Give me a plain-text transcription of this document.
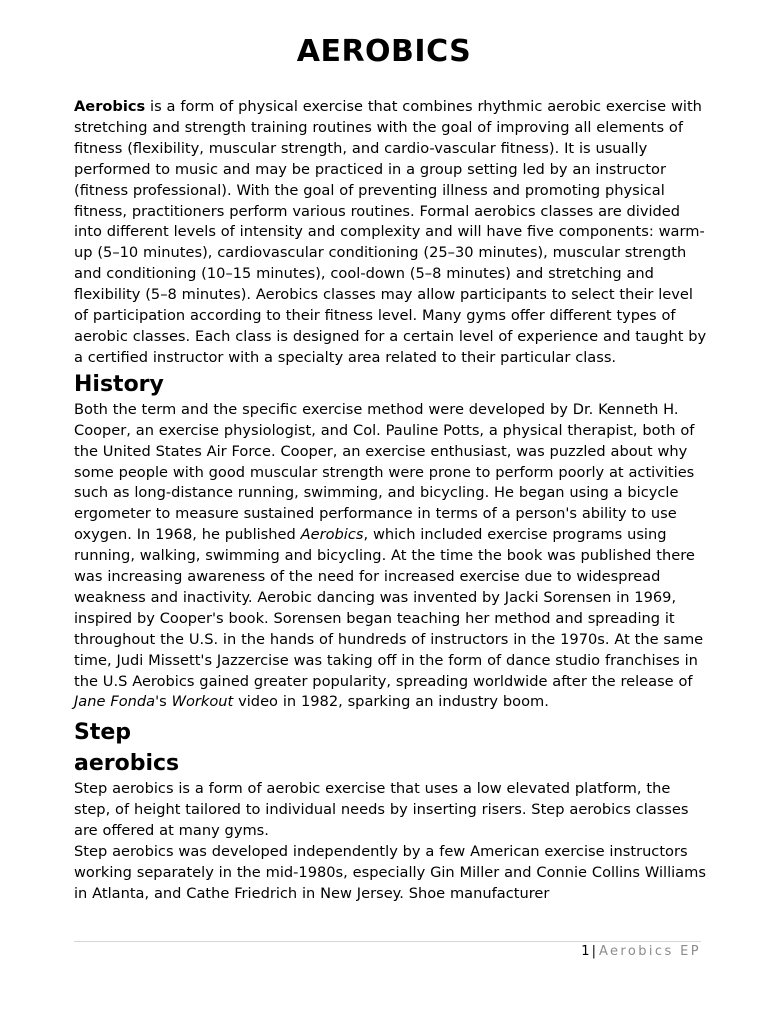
AEROBICS

Aerobics is a form of physical exercise that combines rhythmic aerobic exercise with stretching and strength training routines with the goal of improving all elements of fitness (flexibility, muscular strength, and cardio-vascular fitness). It is usually performed to music and may be practiced in a group setting led by an instructor (fitness professional). With the goal of preventing illness and promoting physical fitness, practitioners perform various routines. Formal aerobics classes are divided into different levels of intensity and complexity and will have five components: warm-up (5–10 minutes), cardiovascular conditioning (25–30 minutes), muscular strength and conditioning (10–15 minutes), cool-down (5–8 minutes) and stretching and flexibility (5–8 minutes). Aerobics classes may allow participants to select their level of participation according to their fitness level. Many gyms offer different types of aerobic classes. Each class is designed for a certain level of experience and taught by a certified instructor with a specialty area related to their particular class.

History

Both the term and the specific exercise method were developed by Dr. Kenneth H. Cooper, an exercise physiologist, and Col. Pauline Potts, a physical therapist, both of the United States Air Force. Cooper, an exercise enthusiast, was puzzled about why some people with good muscular strength were prone to perform poorly at activities such as long-distance running, swimming, and bicycling. He began using a bicycle ergometer to measure sustained performance in terms of a person's ability to use oxygen. In 1968, he published Aerobics, which included exercise programs using running, walking, swimming and bicycling. At the time the book was published there was increasing awareness of the need for increased exercise due to widespread weakness and inactivity. Aerobic dancing was invented by Jacki Sorensen in 1969, inspired by Cooper's book. Sorensen began teaching her method and spreading it throughout the U.S. in the hands of hundreds of instructors in the 1970s. At the same time, Judi Missett's Jazzercise was taking off in the form of dance studio franchises in the U.S Aerobics gained greater popularity, spreading worldwide after the release of Jane Fonda's Workout video in 1982, sparking an industry boom.

Step aerobics

Step aerobics is a form of aerobic exercise that uses a low elevated platform, the step, of height tailored to individual needs by inserting risers. Step aerobics classes are offered at many gyms.

Step aerobics was developed independently by a few American exercise instructors working separately in the mid-1980s, especially Gin Miller and Connie Collins Williams in Atlanta, and Cathe Friedrich in New Jersey. Shoe manufacturer

1 | Aerobics EP
